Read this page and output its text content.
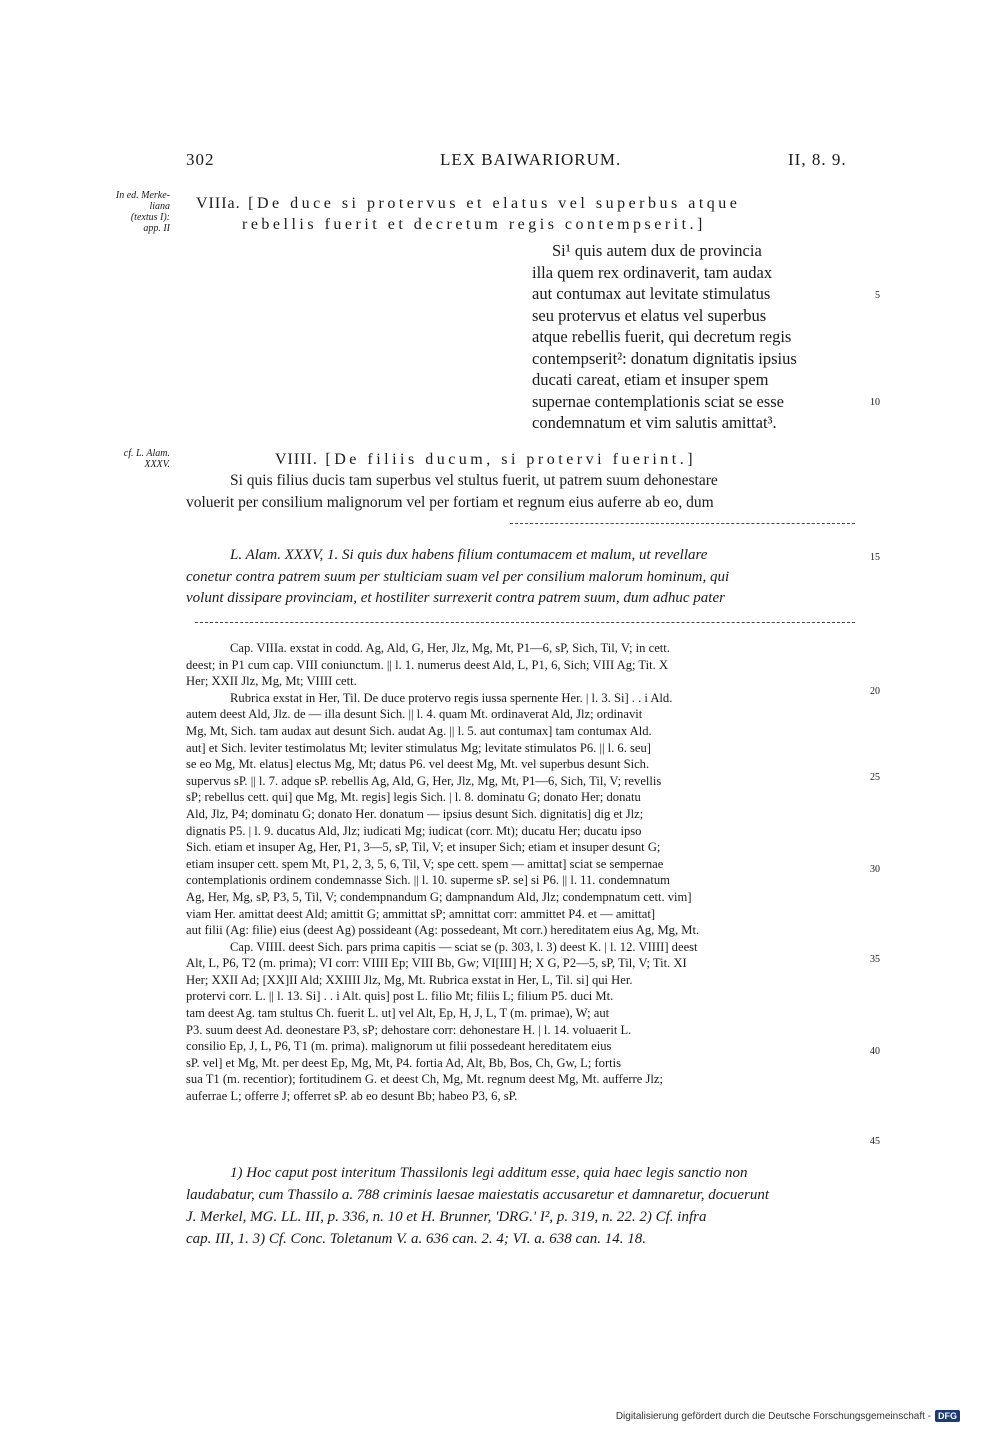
302	LEX BAIWARIORUM.	II, 8. 9.
In ed. Merke-
liana
(textus I):
app. II
VIIIa. [De duce si protervus et elatus vel superbus atque
rebellis fuerit et decretum regis contempserit.]
Si¹ quis autem dux de provincia
illa quem rex ordinaverit, tam audax
aut contumax aut levitate stimulatus
seu protervus et elatus vel superbus
atque rebellis fuerit, qui decretum regis
contempserit²: donatum dignitatis ipsius
ducati careat, etiam et insuper spem
supernae contemplationis sciat se esse
condemnatum et vim salutis amittat³.
5
10
cf. L. Alam.
XXXV.	VIIII. [De filiis ducum, si protervi fuerint.]
Si quis filius ducis tam superbus vel stultus fuerit, ut patrem suum dehonestare
voluerit per consilium malignorum vel per fortiam et regnum eius auferre ab eo, dum
L. Alam. XXXV, 1. Si quis dux habens filium contumacem et malum, ut revellare
conetur contra patrem suum per stulticiam suam vel per consilium malorum hominum, qui
volunt dissipare provinciam, et hostiliter surrexerit contra patrem suum, dum adhuc pater
15
Cap. VIIIa. exstat in codd. Ag, Ald, G, Her, Jlz, Mg, Mt, P1—6, sP, Sich, Til, V; in cett.
deest; in P1 cum cap. VIII coniunctum. || l. 1. numerus deest Ald, L, P1, 6, Sich; VIII Ag; Tit. X
Her; XXII Jlz, Mg, Mt; VIIII cett.
Rubrica exstat in Her, Til. De duce protervo regis iussa spernente Her. | l. 3. Si] . . i Ald.
autem deest Ald, Jlz. de — illa desunt Sich. || l. 4. quam Mt. ordinaverat Ald, Jlz; ordinavit
Mg, Mt, Sich. tam audax aut desunt Sich. audat Ag. || l. 5. aut contumax] tam contumax Ald.
aut] et Sich. leviter testimolatus Mt; leviter stimulatus Mg; levitate stimulatos P6. || l. 6. seu]
se eo Mg, Mt. elatus] electus Mg, Mt; datus P6. vel deest Mg, Mt. vel superbus desunt Sich.
supervus sP. || l. 7. adque sP. rebellis Ag, Ald, G, Her, Jlz, Mg, Mt, P1—6, Sich, Til, V; revellis
sP; rebellus cett. qui] que Mg, Mt. regis] legis Sich. | l. 8. dominatu G; donato Her; donatu
Ald, Jlz, P4; dominatu G; donato Her. donatum — ipsius desunt Sich. dignitatis] dig et Jlz;
dignatis P5. | l. 9. ducatus Ald, Jlz; iudicati Mg; iudicat (corr. Mt); ducatu Her; ducatu ipso
Sich. etiam et insuper Ag, Her, P1, 3—5, sP, Til, V; et insuper Sich; etiam et insuper desunt G;
etiam insuper cett. spem Mt, P1, 2, 3, 5, 6, Til, V; spe cett. spem — amittat] sciat se sempernae
contemplationis ordinem condemnasse Sich. || l. 10. superme sP. se] si P6. || l. 11. condemnatum
Ag, Her, Mg, sP, P3, 5, Til, V; condempnandum G; dampnandum Ald, Jlz; condempnatum cett. vim]
viam Her. amittat deest Ald; amittit G; ammittat sP; amnittat corr: ammittet P4. et — amittat]
aut filii (Ag: filie) eius (deest Ag) possideant (Ag: possedeant, Mt corr.) hereditatem eius Ag, Mg, Mt.
Cap. VIIII. deest Sich. pars prima capitis — sciat se (p. 303, l. 3) deest K. | l. 12. VIIII] deest
Alt, L, P6, T2 (m. prima); VI corr: VIIII Ep; VIII Bb, Gw; VI[III] H; X G, P2—5, sP, Til, V; Tit. XI
Her; XXII Ad; [XX]II Ald; XXIIII Jlz, Mg, Mt. Rubrica exstat in Her, L, Til. si] qui Her.
protervi corr. L. || l. 13. Si] . . i Alt. quis] post L. filio Mt; filiis L; filium P5. duci Mt.
tam deest Ag. tam stultus Ch. fuerit L. ut] vel Alt, Ep, H, J, L, T (m. primae), W; aut
P3. suum deest Ad. deonestare P3, sP; dehostare corr: dehonestare H. | l. 14. voluaerit L.
consilio Ep, J, L, P6, T1 (m. prima). malignorum ut filii possedeant hereditatem eius
sP. vel] et Mg, Mt. per deest Ep, Mg, Mt, P4. fortia Ad, Alt, Bb, Bos, Ch, Gw, L; fortis
sua T1 (m. recentior); fortitudinem G. et deest Ch, Mg, Mt. regnum deest Mg, Mt. aufferre Jlz;
auferrae L; offerre J; offerret sP. ab eo desunt Bb; habeo P3, 6, sP.
20
25
30
35
40
45
1) Hoc caput post interitum Thassilonis legi additum esse, quia haec legis sanctio non
laudabatur, cum Thassilo a. 788 criminis laesae maiestatis accusaretur et damnaretur, docuerunt
J. Merkel, MG. LL. III, p. 336, n. 10 et H. Brunner, 'DRG.' I², p. 319, n. 22. 2) Cf. infra
cap. III, 1. 3) Cf. Conc. Toletanum V. a. 636 can. 2. 4; VI. a. 638 can. 14. 18.
Digitalisierung gefördert durch die Deutsche Forschungsgemeinschaft - DFG
